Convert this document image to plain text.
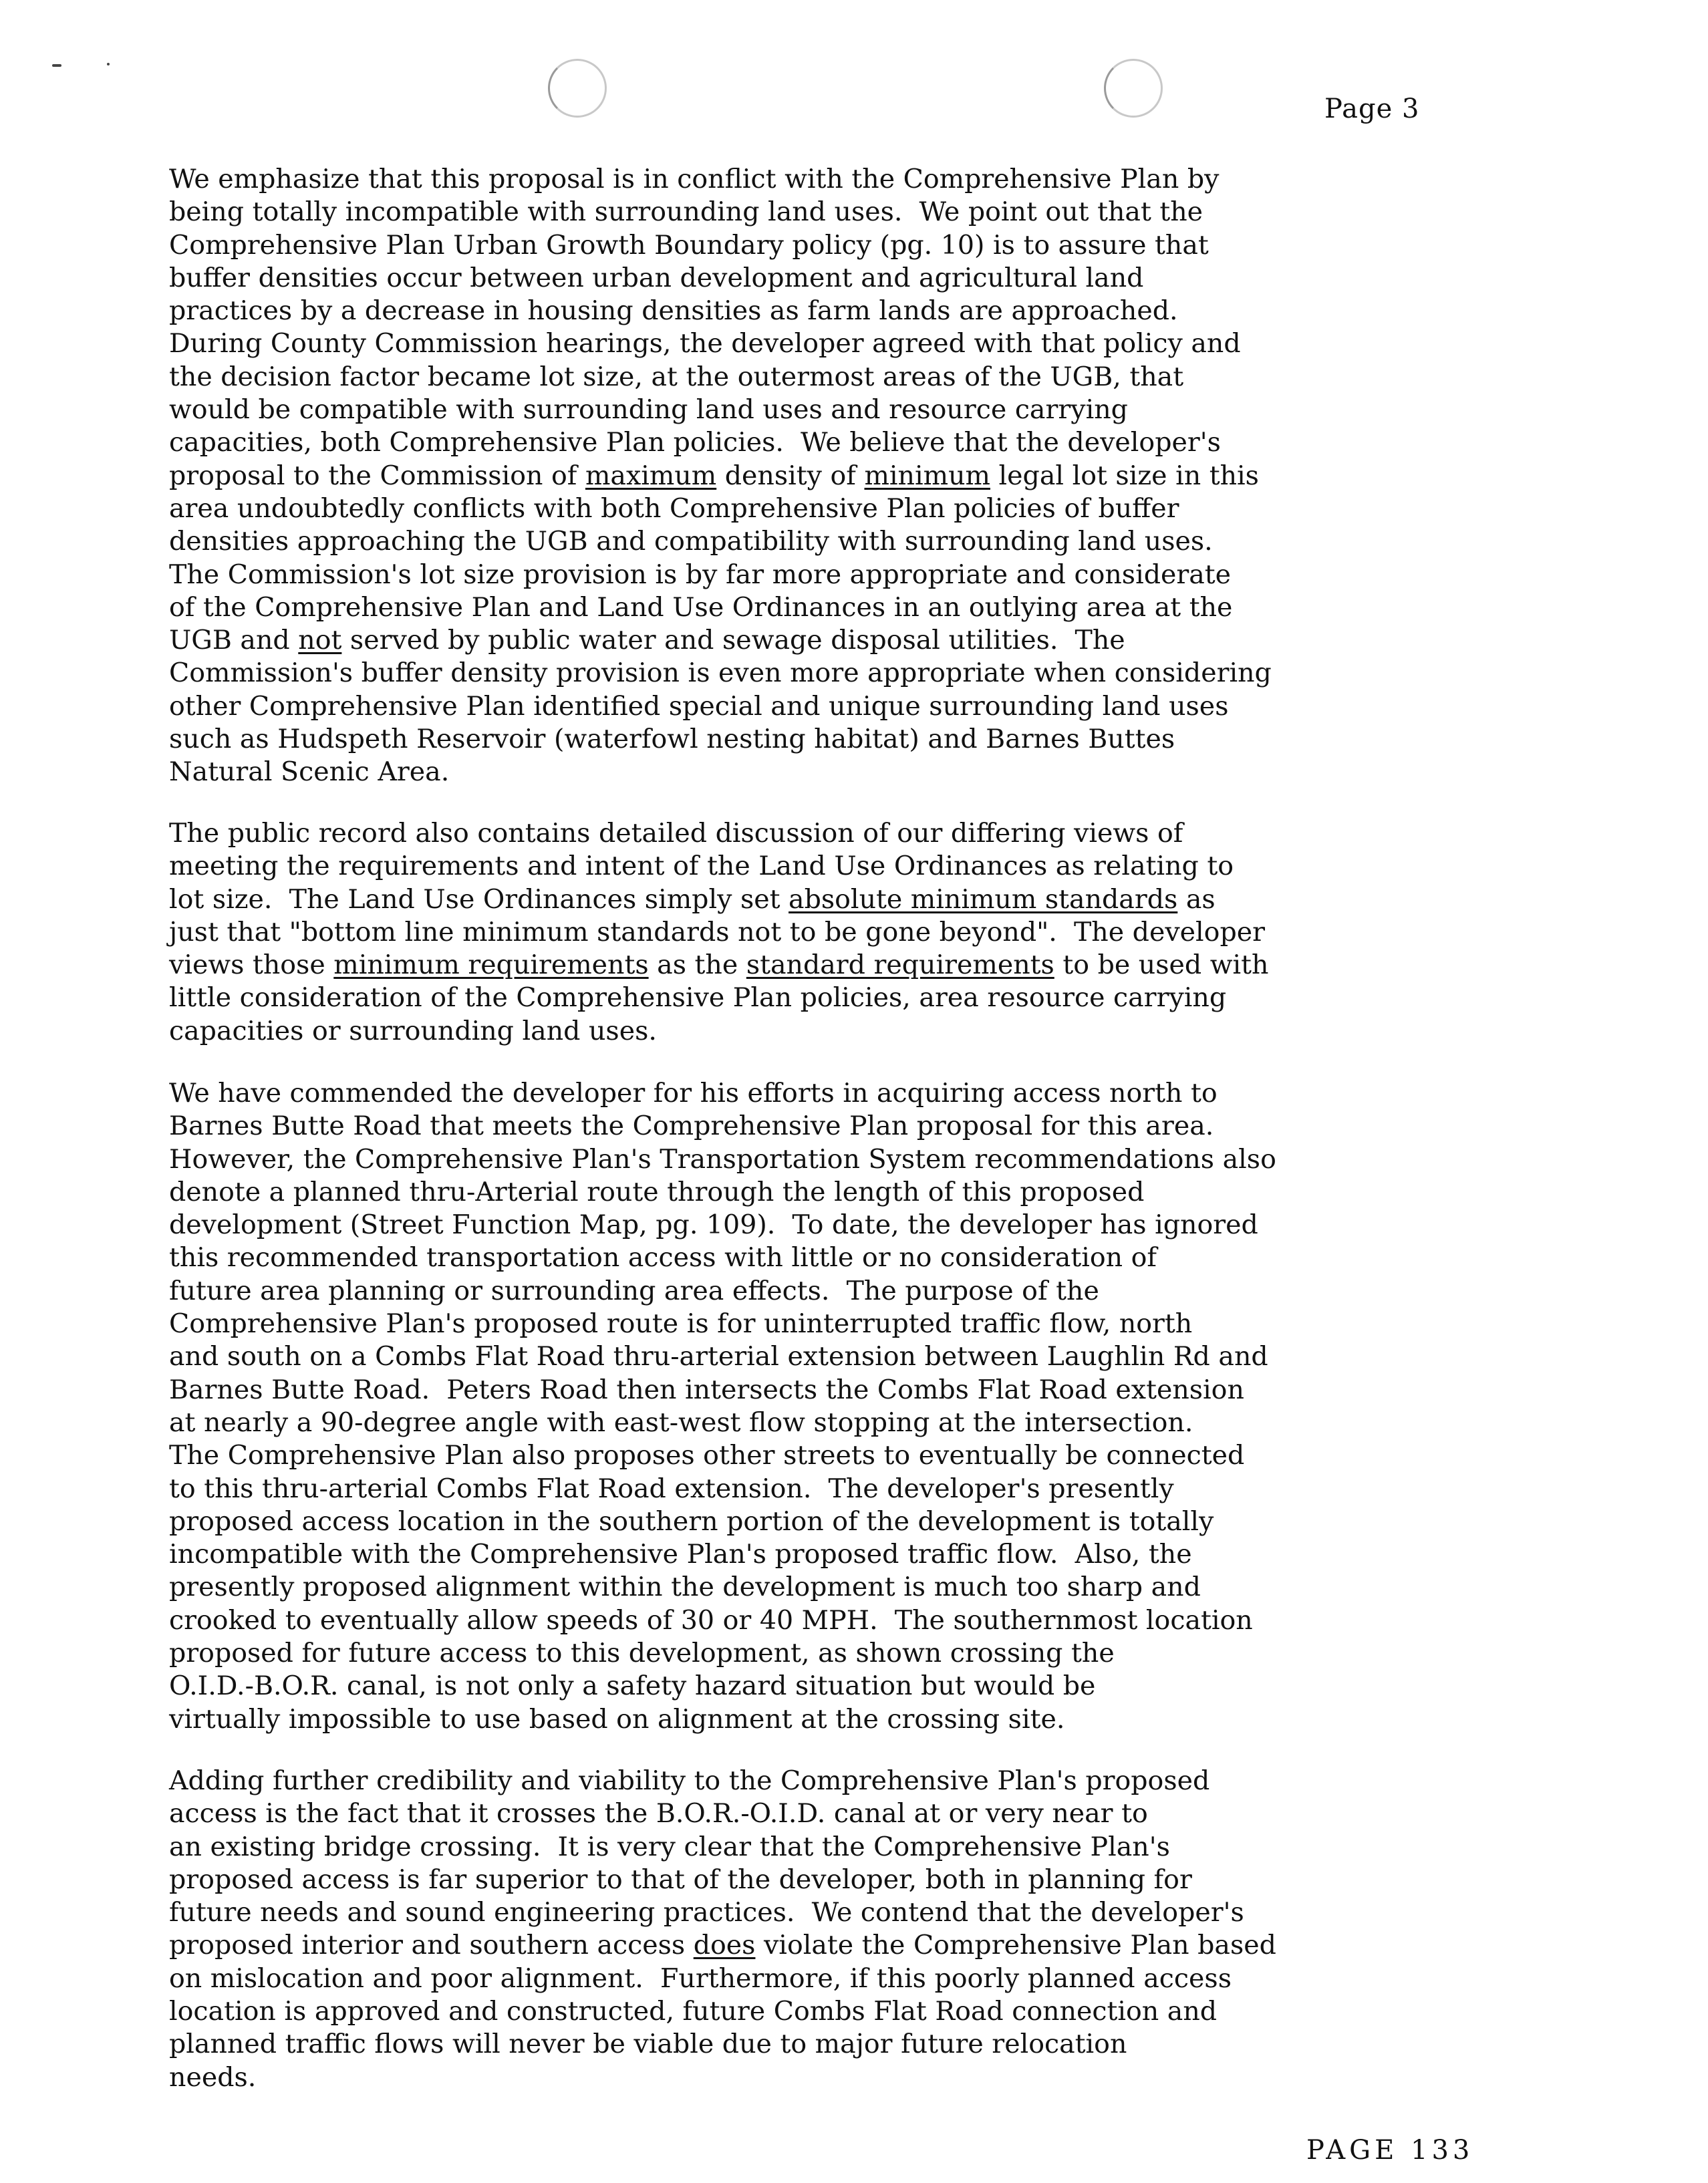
Page 3
We emphasize that this proposal is in conflict with the Comprehensive Plan by
being totally incompatible with surrounding land uses.  We point out that the
Comprehensive Plan Urban Growth Boundary policy (pg. 10) is to assure that
buffer densities occur between urban development and agricultural land
practices by a decrease in housing densities as farm lands are approached.
During County Commission hearings, the developer agreed with that policy and
the decision factor became lot size, at the outermost areas of the UGB, that
would be compatible with surrounding land uses and resource carrying
capacities, both Comprehensive Plan policies.  We believe that the developer's
proposal to the Commission of maximum density of minimum legal lot size in this
area undoubtedly conflicts with both Comprehensive Plan policies of buffer
densities approaching the UGB and compatibility with surrounding land uses.
The Commission's lot size provision is by far more appropriate and considerate
of the Comprehensive Plan and Land Use Ordinances in an outlying area at the
UGB and not served by public water and sewage disposal utilities.  The
Commission's buffer density provision is even more appropriate when considering
other Comprehensive Plan identified special and unique surrounding land uses
such as Hudspeth Reservoir (waterfowl nesting habitat) and Barnes Buttes
Natural Scenic Area.
The public record also contains detailed discussion of our differing views of
meeting the requirements and intent of the Land Use Ordinances as relating to
lot size.  The Land Use Ordinances simply set absolute minimum standards as
just that "bottom line minimum standards not to be gone beyond".  The developer
views those minimum requirements as the standard requirements to be used with
little consideration of the Comprehensive Plan policies, area resource carrying
capacities or surrounding land uses.
We have commended the developer for his efforts in acquiring access north to
Barnes Butte Road that meets the Comprehensive Plan proposal for this area.
However, the Comprehensive Plan's Transportation System recommendations also
denote a planned thru-Arterial route through the length of this proposed
development (Street Function Map, pg. 109).  To date, the developer has ignored
this recommended transportation access with little or no consideration of
future area planning or surrounding area effects.  The purpose of the
Comprehensive Plan's proposed route is for uninterrupted traffic flow, north
and south on a Combs Flat Road thru-arterial extension between Laughlin Rd and
Barnes Butte Road.  Peters Road then intersects the Combs Flat Road extension
at nearly a 90-degree angle with east-west flow stopping at the intersection.
The Comprehensive Plan also proposes other streets to eventually be connected
to this thru-arterial Combs Flat Road extension.  The developer's presently
proposed access location in the southern portion of the development is totally
incompatible with the Comprehensive Plan's proposed traffic flow.  Also, the
presently proposed alignment within the development is much too sharp and
crooked to eventually allow speeds of 30 or 40 MPH.  The southernmost location
proposed for future access to this development, as shown crossing the
O.I.D.-B.O.R. canal, is not only a safety hazard situation but would be
virtually impossible to use based on alignment at the crossing site.
Adding further credibility and viability to the Comprehensive Plan's proposed
access is the fact that it crosses the B.O.R.-O.I.D. canal at or very near to
an existing bridge crossing.  It is very clear that the Comprehensive Plan's
proposed access is far superior to that of the developer, both in planning for
future needs and sound engineering practices.  We contend that the developer's
proposed interior and southern access does violate the Comprehensive Plan based
on mislocation and poor alignment.  Furthermore, if this poorly planned access
location is approved and constructed, future Combs Flat Road connection and
planned traffic flows will never be viable due to major future relocation
needs.
PAGE 133
